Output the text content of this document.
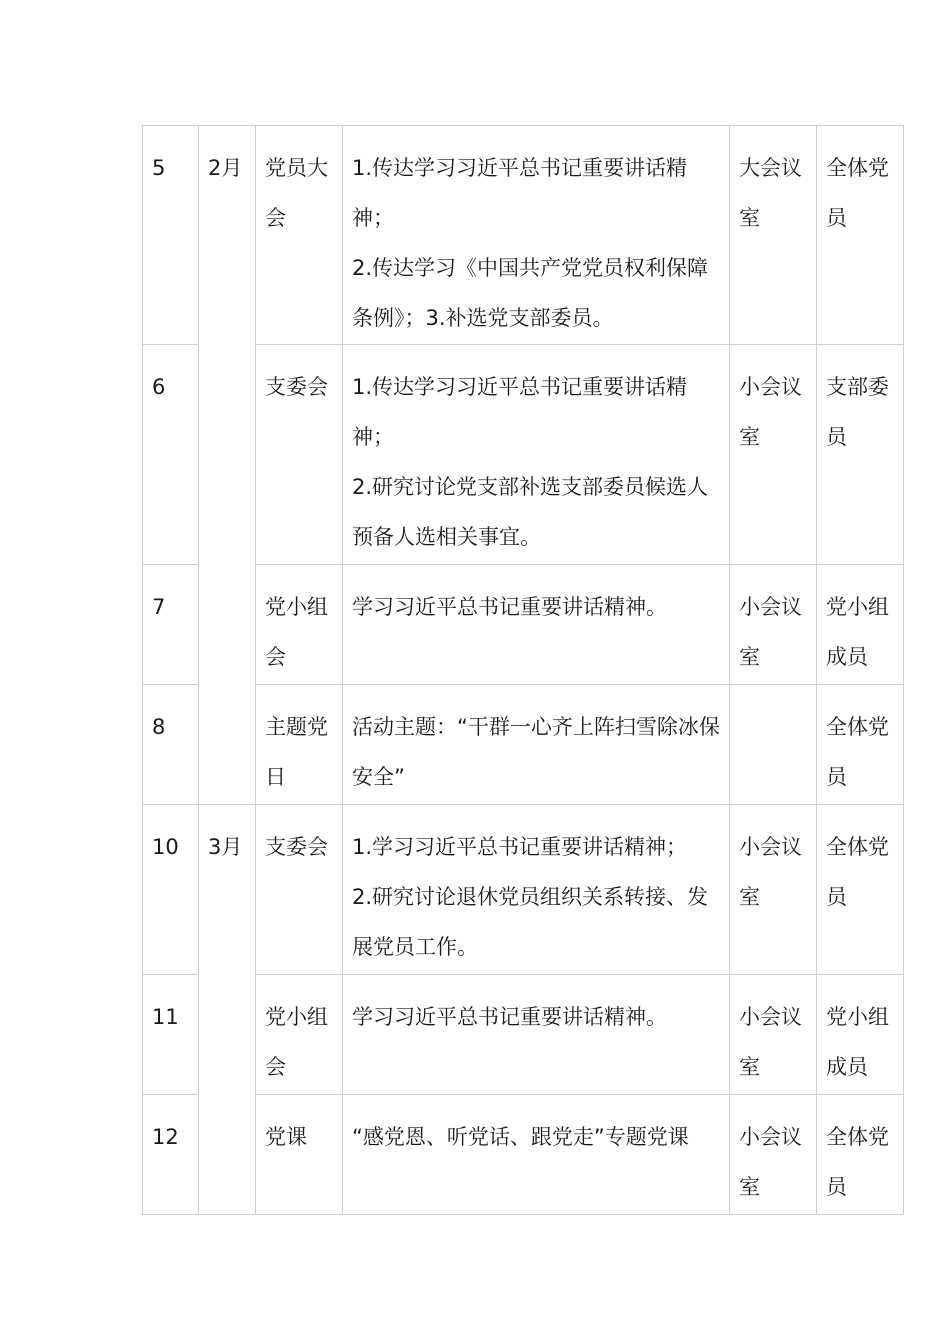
5	2月	党员大会	1.传达学习习近平总书记重要讲话精神；
2.传达学习《中国共产党党员权利保障条例》；3.补选党支部委员。	大会议室	全体党员
6		支委会	1.传达学习习近平总书记重要讲话精神；
2.研究讨论党支部补选支部委员候选人预备人选相关事宜。	小会议室	支部委员
7		党小组会	学习习近平总书记重要讲话精神。	小会议室	党小组成员
8		主题党日	活动主题：“干群一心齐上阵扫雪除冰保安全”		全体党员
10	3月	支委会	1.学习习近平总书记重要讲话精神；
2.研究讨论退休党员组织关系转接、发展党员工作。	小会议室	全体党员
11		党小组会	学习习近平总书记重要讲话精神。	小会议室	党小组成员
12		党课	“感党恩、听党话、跟党走”专题党课	小会议室	全体党员
